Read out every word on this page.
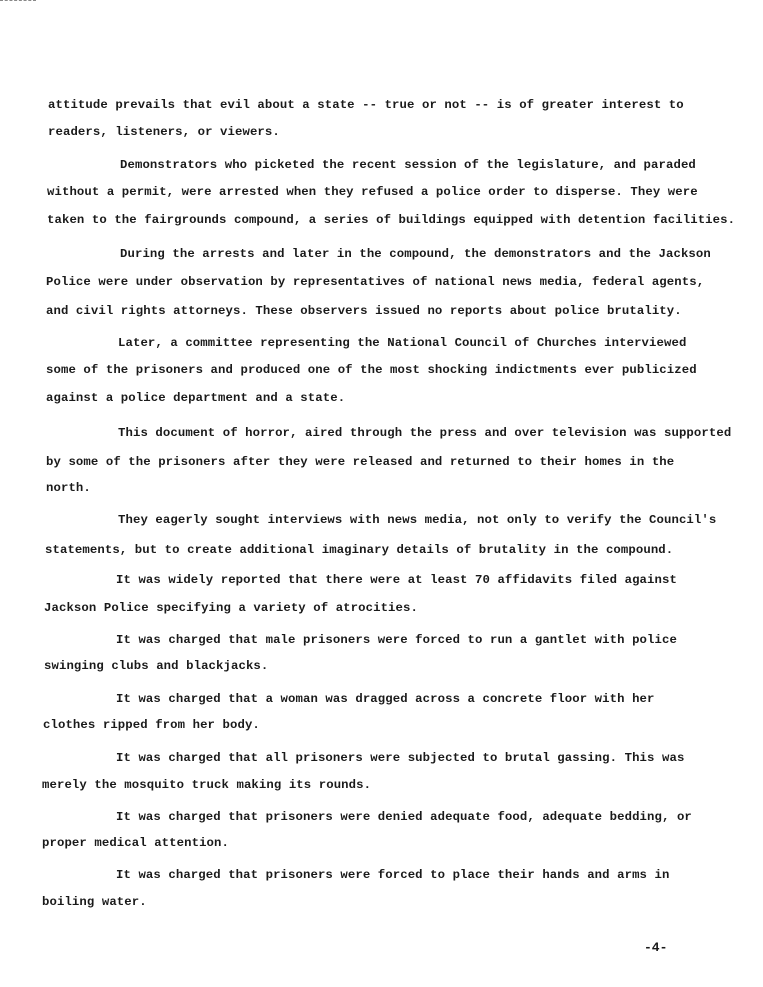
attitude prevails that evil about a state -- true or not -- is of greater interest to
readers, listeners, or viewers.
Demonstrators who picketed the recent session of the legislature, and paraded
without a permit, were arrested when they refused a police order to disperse. They were
taken to the fairgrounds compound, a series of buildings equipped with detention facilities.
During the arrests and later in the compound, the demonstrators and the Jackson
Police were under observation by representatives of national news media, federal agents,
and civil rights attorneys. These observers issued no reports about police brutality.
Later, a committee representing the National Council of Churches interviewed
some of the prisoners and produced one of the most shocking indictments ever publicized
against a police department and a state.
This document of horror, aired through the press and over television was supported
by some of the prisoners after they were released and returned to their homes in the
north.
They eagerly sought interviews with news media, not only to verify the Council's
statements, but to create additional imaginary details of brutality in the compound.
It was widely reported that there were at least 70 affidavits filed against
Jackson Police specifying a variety of atrocities.
It was charged that male prisoners were forced to run a gantlet with police
swinging clubs and blackjacks.
It was charged that a woman was dragged across a concrete floor with her
clothes ripped from her body.
It was charged that all prisoners were subjected to brutal gassing. This was
merely the mosquito truck making its rounds.
It was charged that prisoners were denied adequate food, adequate bedding, or
proper medical attention.
It was charged that prisoners were forced to place their hands and arms in
boiling water.
-4-
